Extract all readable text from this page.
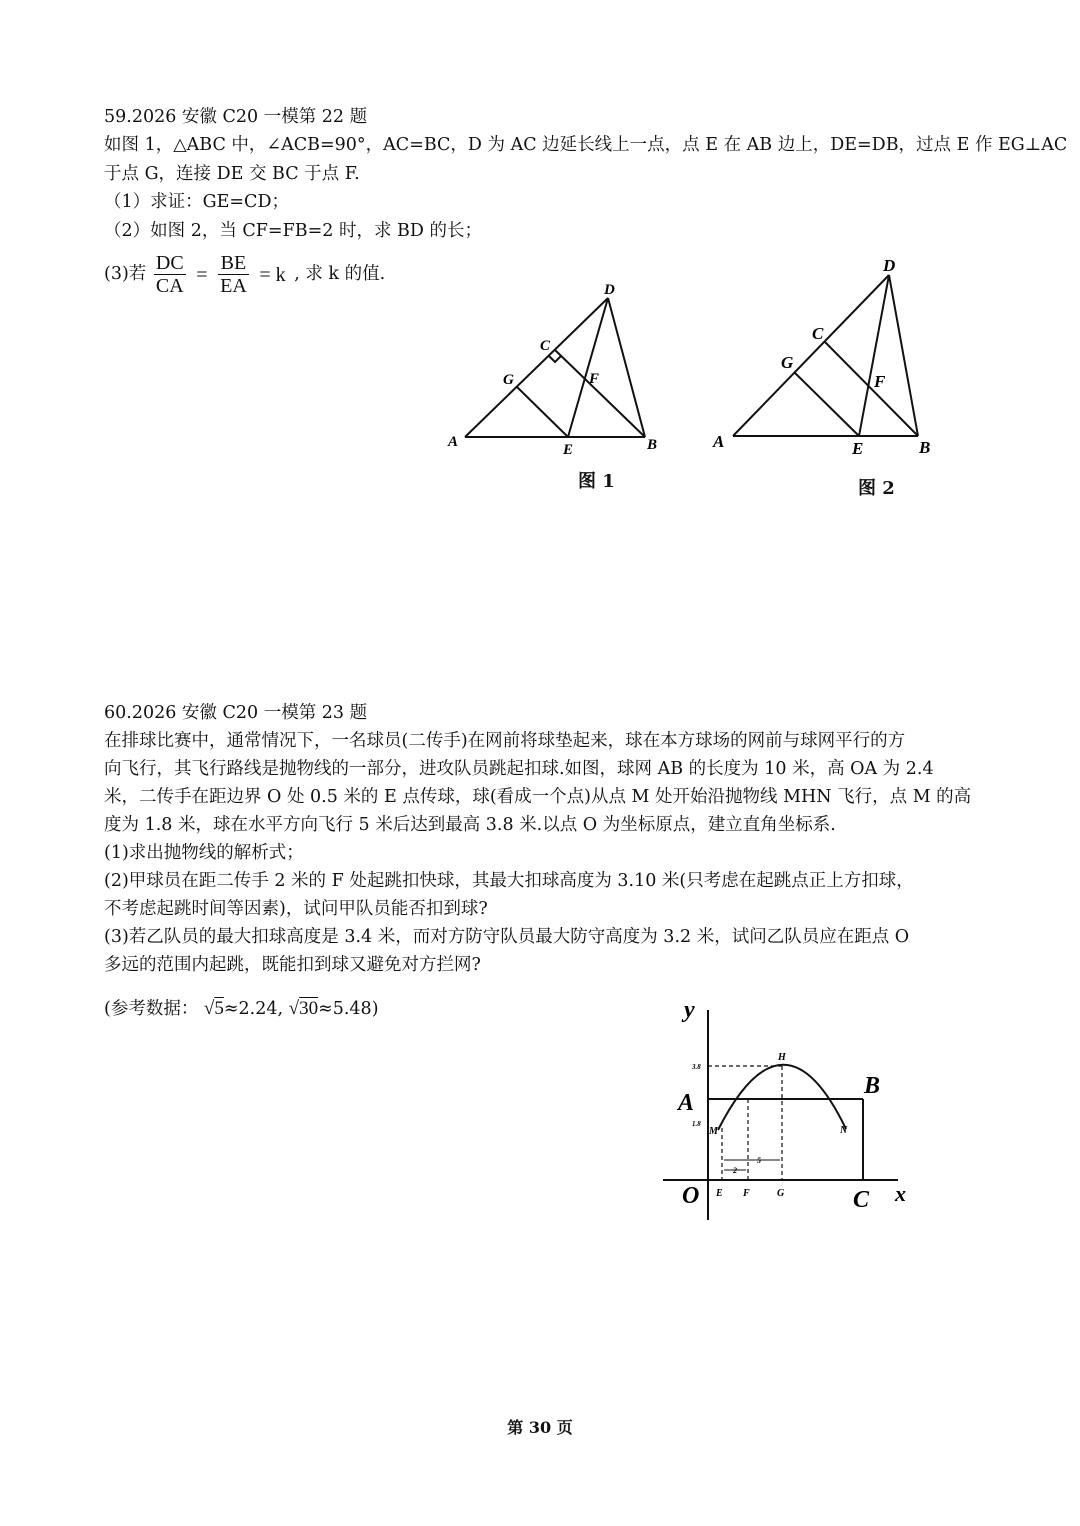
59.2026 安徽 C20 一模第 22 题
如图 1，△ABC 中，∠ACB=90°，AC=BC，D 为 AC 边延长线上一点，点 E 在 AB 边上，DE=DB，过点 E 作 EG⊥AC
于点 G，连接 DE 交 BC 于点 F.
（1）求证：GE=CD；
（2）如图 2，当 CF=FB=2 时，求 BD 的长；
(3)若 $\frac{DC}{CA} = \frac{BE}{EA} = k$ , 求 k 的值.
A	B
C
D
E
F
G
图 1
A	B
C
D
E
F
G
图 2
60.2026 安徽 C20 一模第 23 题
在排球比赛中，通常情况下，一名球员(二传手)在网前将球垫起来，球在本方球场的网前与球网平行的方
向飞行，其飞行路线是抛物线的一部分，进攻队员跳起扣球.如图，球网 AB 的长度为 10 米，高 OA 为 2.4
米，二传手在距边界 O 处 0.5 米的 E 点传球，球(看成一个点)从点 M 处开始沿抛物线 MHN 飞行，点 M 的高
度为 1.8 米，球在水平方向飞行 5 米后达到最高 3.8 米.以点 O 为坐标原点，建立直角坐标系.
(1)求出抛物线的解析式；
(2)甲球员在距二传手 2 米的 F 处起跳扣快球，其最大扣球高度为 3.10 米(只考虑在起跳点正上方扣球，
不考虑起跳时间等因素)，试问甲队员能否扣到球?
(3)若乙队员的最大扣球高度是 3.4 米，而对方防守队员最大防守高度为 3.2 米，试问乙队员应在距点 O
多远的范围内起跳，既能扣到球又避免对方拦网?
(参考数据： √5≈2.24, √30≈5.48)	y
x
O
A
B
C
H
M	N
E F	G
3.8
1.8
2
5
第 30 页
